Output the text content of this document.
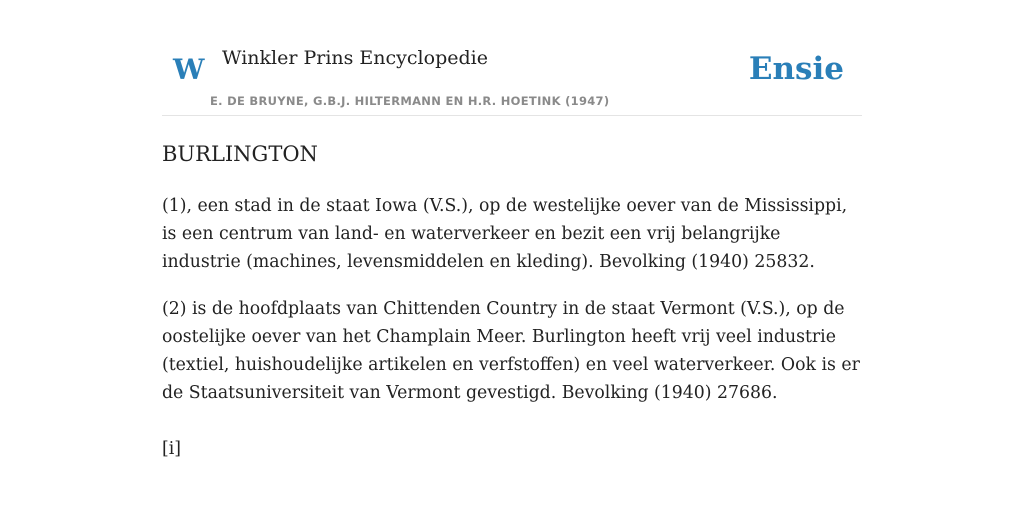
W Winkler Prins Encyclopedie
E. DE BRUYNE, G.B.J. HILTERMANN EN H.R. HOETINK (1947)
Ensie
BURLINGTON

(1), een stad in de staat Iowa (V.S.), op de westelijke oever van de Mississippi, is een centrum van land- en waterverkeer en bezit een vrij belangrijke industrie (machines, levensmiddelen en kleding). Bevolking (1940) 25832.

(2) is de hoofdplaats van Chittenden Country in de staat Vermont (V.S.), op de oostelijke oever van het Champlain Meer. Burlington heeft vrij veel industrie (textiel, huishoudelijke artikelen en verfstoffen) en veel waterverkeer. Ook is er de Staatsuniversiteit van Vermont gevestigd. Bevolking (1940) 27686.

[i]
